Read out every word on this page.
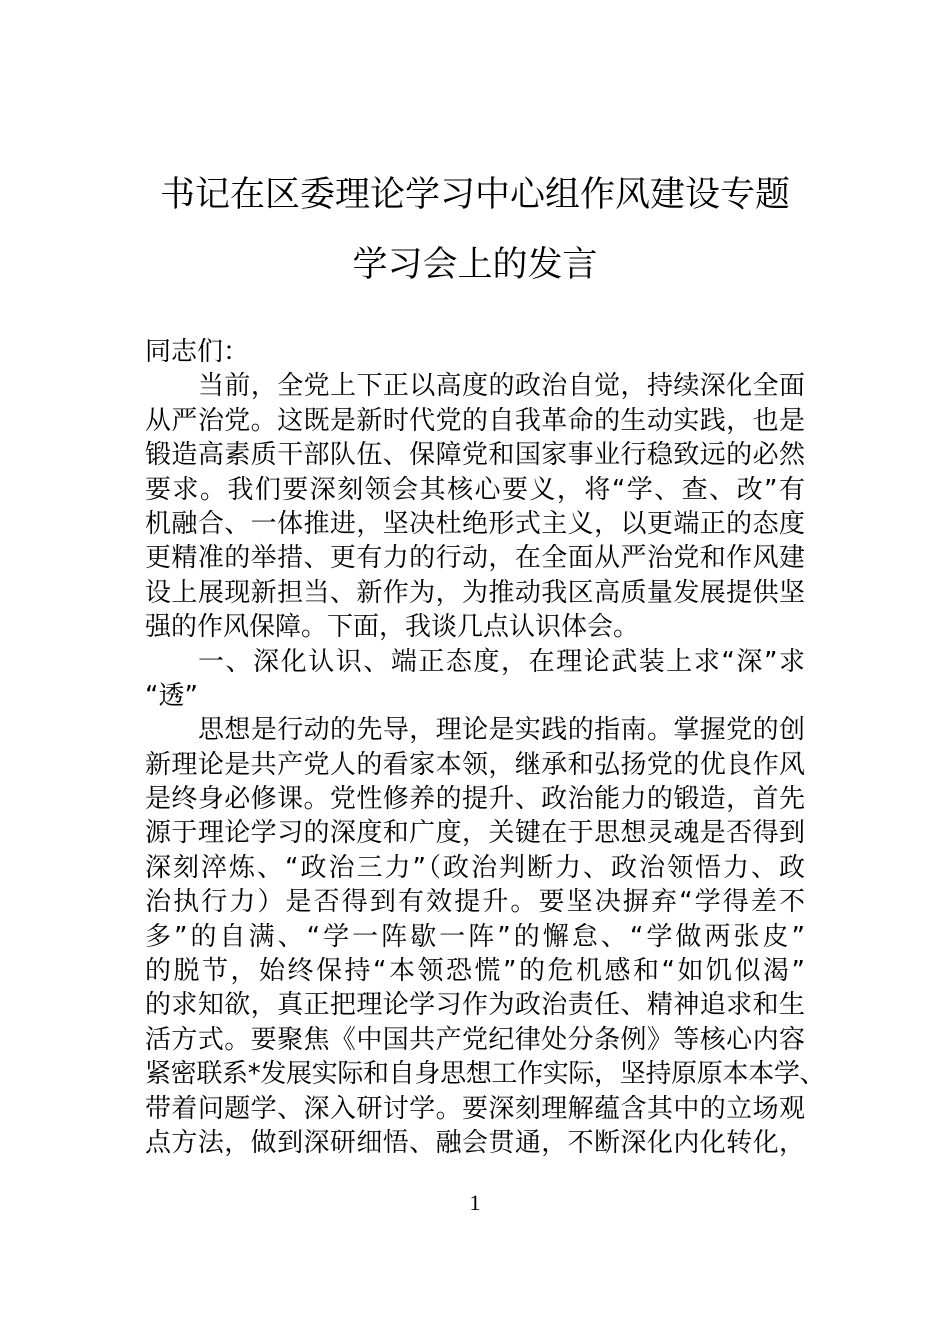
书记在区委理论学习中心组作风建设专题
学习会上的发言
同志们：
当前，全党上下正以高度的政治自觉，持续深化全面
从严治党。这既是新时代党的自我革命的生动实践，也是
锻造高素质干部队伍、保障党和国家事业行稳致远的必然
要求。我们要深刻领会其核心要义，将“学、查、改”有
机融合、一体推进，坚决杜绝形式主义，以更端正的态度
更精准的举措、更有力的行动，在全面从严治党和作风建
设上展现新担当、新作为，为推动我区高质量发展提供坚
强的作风保障。下面，我谈几点认识体会。
一、深化认识、端正态度，在理论武装上求“深”求
“透”
思想是行动的先导，理论是实践的指南。掌握党的创
新理论是共产党人的看家本领，继承和弘扬党的优良作风
是终身必修课。党性修养的提升、政治能力的锻造，首先
源于理论学习的深度和广度，关键在于思想灵魂是否得到
深刻淬炼、“政治三力”（政治判断力、政治领悟力、政
治执行力）是否得到有效提升。要坚决摒弃“学得差不
多”的自满、“学一阵歇一阵”的懈怠、“学做两张皮”
的脱节，始终保持“本领恐慌”的危机感和“如饥似渴”
的求知欲，真正把理论学习作为政治责任、精神追求和生
活方式。要聚焦《中国共产党纪律处分条例》等核心内容
紧密联系*发展实际和自身思想工作实际，坚持原原本本学、
带着问题学、深入研讨学。要深刻理解蕴含其中的立场观
点方法，做到深研细悟、融会贯通，不断深化内化转化，
1
